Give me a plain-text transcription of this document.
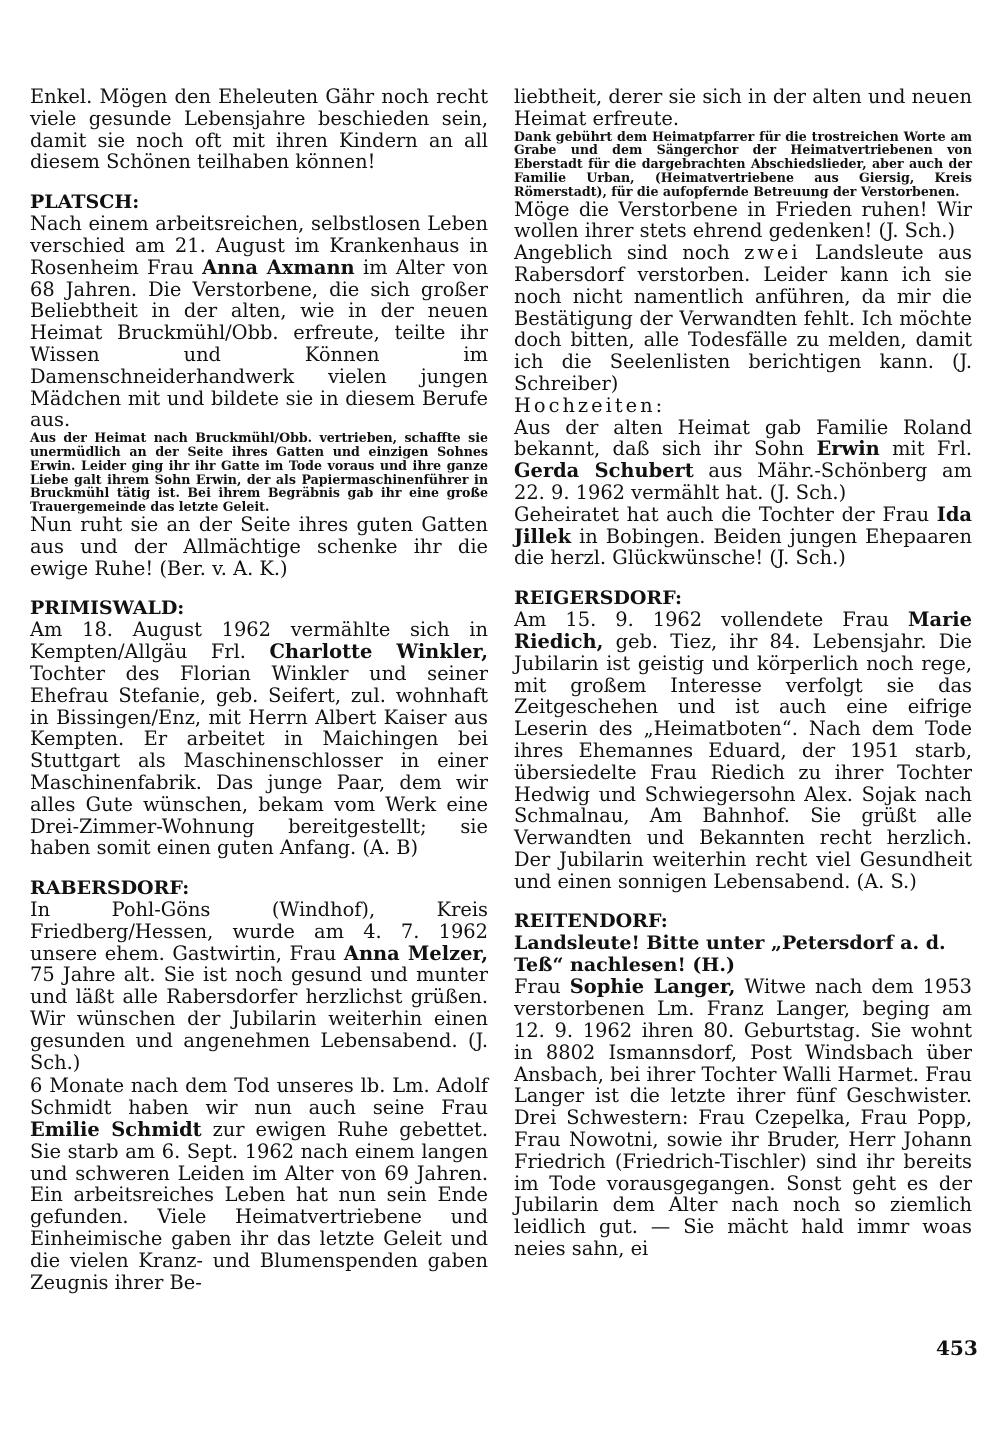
Enkel. Mögen den Eheleuten Gähr noch recht viele gesunde Lebensjahre beschieden sein, damit sie noch oft mit ihren Kindern an all diesem Schönen teilhaben können!

PLATSCH:

Nach einem arbeitsreichen, selbstlosen Leben verschied am 21. August im Krankenhaus in Rosenheim Frau Anna Axmann im Alter von 68 Jahren. Die Verstorbene, die sich großer Beliebtheit in der alten, wie in der neuen Heimat Bruckmühl/Obb. erfreute, teilte ihr Wissen und Können im Damenschneiderhandwerk vielen jungen Mädchen mit und bildete sie in diesem Berufe aus.

Aus der Heimat nach Bruckmühl/Obb. vertrieben, schaffte sie unermüdlich an der Seite ihres Gatten und einzigen Sohnes Erwin. Leider ging ihr ihr Gatte im Tode voraus und ihre ganze Liebe galt ihrem Sohn Erwin, der als Papiermaschinenführer in Bruckmühl tätig ist. Bei ihrem Begräbnis gab ihr eine große Trauergemeinde das letzte Geleit.

Nun ruht sie an der Seite ihres guten Gatten aus und der Allmächtige schenke ihr die ewige Ruhe! (Ber. v. A. K.)

PRIMISWALD:

Am 18. August 1962 vermählte sich in Kempten/Allgäu Frl. Charlotte Winkler, Tochter des Florian Winkler und seiner Ehefrau Stefanie, geb. Seifert, zul. wohnhaft in Bissingen/Enz, mit Herrn Albert Kaiser aus Kempten. Er arbeitet in Maichingen bei Stuttgart als Maschinenschlosser in einer Maschinenfabrik. Das junge Paar, dem wir alles Gute wünschen, bekam vom Werk eine Drei-Zimmer-Wohnung bereitgestellt; sie haben somit einen guten Anfang. (A. B)

RABERSDORF:

In Pohl-Göns (Windhof), Kreis Friedberg/Hessen, wurde am 4. 7. 1962 unsere ehem. Gastwirtin, Frau Anna Melzer, 75 Jahre alt. Sie ist noch gesund und munter und läßt alle Rabersdorfer herzlichst grüßen. Wir wünschen der Jubilarin weiterhin einen gesunden und angenehmen Lebensabend. (J. Sch.)

6 Monate nach dem Tod unseres lb. Lm. Adolf Schmidt haben wir nun auch seine Frau Emilie Schmidt zur ewigen Ruhe gebettet. Sie starb am 6. Sept. 1962 nach einem langen und schweren Leiden im Alter von 69 Jahren. Ein arbeitsreiches Leben hat nun sein Ende gefunden. Viele Heimatvertriebene und Einheimische gaben ihr das letzte Geleit und die vielen Kranz- und Blumenspenden gaben Zeugnis ihrer Be-

liebtheit, derer sie sich in der alten und neuen Heimat erfreute.

Dank gebührt dem Heimatpfarrer für die trostreichen Worte am Grabe und dem Sängerchor der Heimatvertriebenen von Eberstadt für die dargebrachten Abschiedslieder, aber auch der Familie Urban, (Heimatvertriebene aus Giersig, Kreis Römerstadt), für die aufopfernde Betreuung der Verstorbenen.

Möge die Verstorbene in Frieden ruhen! Wir wollen ihrer stets ehrend gedenken! (J. Sch.)

Angeblich sind noch zwei Landsleute aus Rabersdorf verstorben. Leider kann ich sie noch nicht namentlich anführen, da mir die Bestätigung der Verwandten fehlt. Ich möchte doch bitten, alle Todesfälle zu melden, damit ich die Seelenlisten berichtigen kann. (J. Schreiber)

Hochzeiten:

Aus der alten Heimat gab Familie Roland bekannt, daß sich ihr Sohn Erwin mit Frl. Gerda Schubert aus Mähr.-Schönberg am 22. 9. 1962 vermählt hat. (J. Sch.)

Geheiratet hat auch die Tochter der Frau Ida Jillek in Bobingen. Beiden jungen Ehepaaren die herzl. Glückwünsche! (J. Sch.)

REIGERSDORF:

Am 15. 9. 1962 vollendete Frau Marie Riedich, geb. Tiez, ihr 84. Lebensjahr. Die Jubilarin ist geistig und körperlich noch rege, mit großem Interesse verfolgt sie das Zeitgeschehen und ist auch eine eifrige Leserin des „Heimatboten“. Nach dem Tode ihres Ehemannes Eduard, der 1951 starb, übersiedelte Frau Riedich zu ihrer Tochter Hedwig und Schwiegersohn Alex. Sojak nach Schmalnau, Am Bahnhof. Sie grüßt alle Verwandten und Bekannten recht herzlich. Der Jubilarin weiterhin recht viel Gesundheit und einen sonnigen Lebensabend. (A. S.)

REITENDORF:
Landsleute! Bitte unter „Petersdorf a. d. Teß“ nachlesen! (H.)

Frau Sophie Langer, Witwe nach dem 1953 verstorbenen Lm. Franz Langer, beging am 12. 9. 1962 ihren 80. Geburtstag. Sie wohnt in 8802 Ismannsdorf, Post Windsbach über Ansbach, bei ihrer Tochter Walli Harmet. Frau Langer ist die letzte ihrer fünf Geschwister. Drei Schwestern: Frau Czepelka, Frau Popp, Frau Nowotni, sowie ihr Bruder, Herr Johann Friedrich (Friedrich-Tischler) sind ihr bereits im Tode vorausgegangen. Sonst geht es der Jubilarin dem Alter nach noch so ziemlich leidlich gut. — Sie mächt hald immr woas neies sahn, ei

453
